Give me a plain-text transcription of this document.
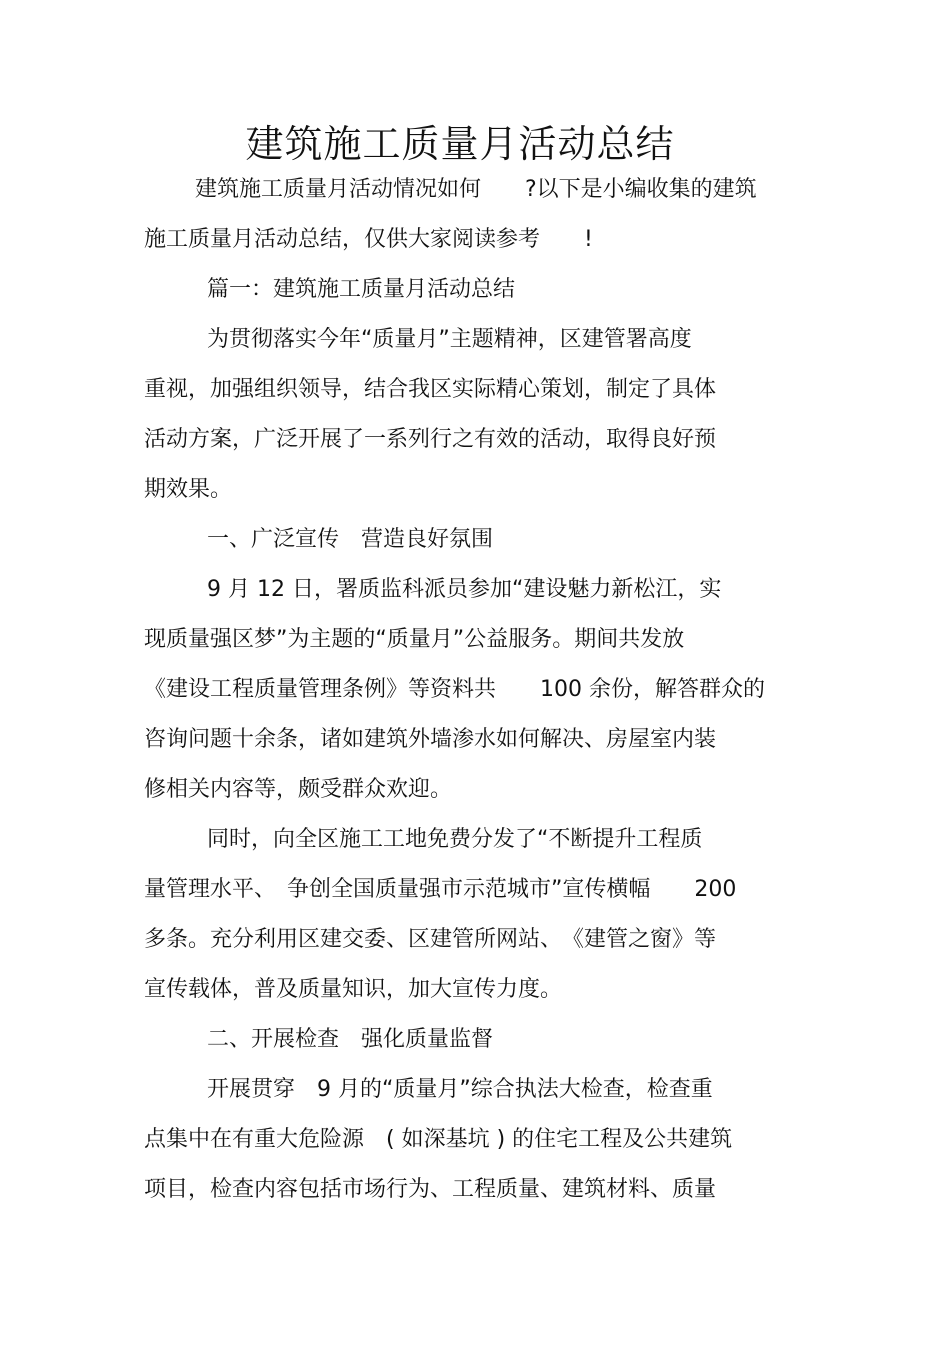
建筑施工质量月活动总结
建筑施工质量月活动情况如何　　?以下是小编收集的建筑
施工质量月活动总结，仅供大家阅读参考　　!
篇一：建筑施工质量月活动总结
为贯彻落实今年“质量月”主题精神，区建管署高度
重视，加强组织领导，结合我区实际精心策划，制定了具体
活动方案，广泛开展了一系列行之有效的活动，取得良好预
期效果。
一、广泛宣传　营造良好氛围
9 月 12 日，署质监科派员参加“建设魅力新松江，实
现质量强区梦”为主题的“质量月”公益服务。期间共发放
《建设工程质量管理条例》等资料共　　100 余份，解答群众的
咨询问题十余条，诸如建筑外墙渗水如何解决、房屋室内装
修相关内容等，颇受群众欢迎。
同时，向全区施工工地免费分发了“不断提升工程质
量管理水平、　争创全国质量强市示范城市”宣传横幅　　200
多条。充分利用区建交委、区建管所网站、　《建管之窗》等
宣传载体，普及质量知识，加大宣传力度。
二、开展检查　强化质量监督
开展贯穿　9 月的“质量月”综合执法大检查，检查重
点集中在有重大危险源　( 如深基坑 ) 的住宅工程及公共建筑
项目，检查内容包括市场行为、工程质量、建筑材料、质量
